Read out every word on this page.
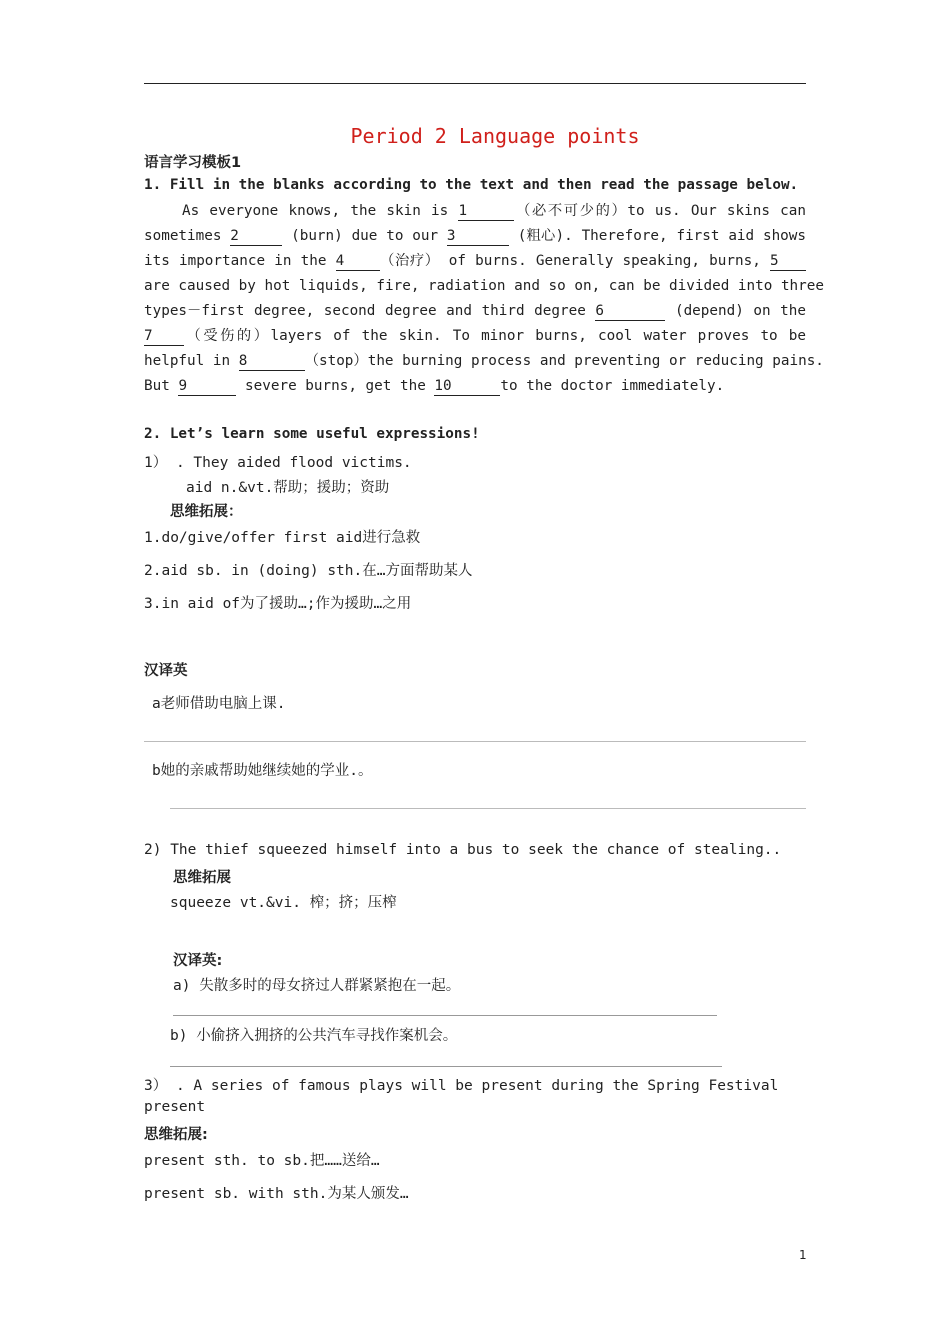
Period 2 Language points
语言学习模板1
1. Fill in the blanks according to the text and then read the passage below.
As everyone knows, the skin is 1	（必不可少的）to us. Our skins can
sometimes 2	(burn) due to our 3	(粗心). Therefore, first aid shows
its importance in the 4 （治疗） of burns. Generally speaking, burns, 5
are caused by hot liquids, fire, radiation and so on, can be divided into three
types－first degree, second degree and third degree 6	(depend) on the
7 （受伤的）layers of the skin. To minor burns, cool water proves to be
helpful in 8	（stop）the burning process and preventing or reducing pains.
But 9	severe burns, get the 10	to the doctor immediately.
2. Let’s learn some useful expressions!
1） . They aided flood victims.
aid n.&vt.帮助；援助；资助
思维拓展：
1.do/give/offer first aid进行急救
2.aid sb. in (doing) sth.在…方面帮助某人
3.in aid of为了援助…;作为援助…之用
汉译英
a老师借助电脑上课.
b她的亲戚帮助她继续她的学业.。
2) The thief squeezed himself into a bus to seek the chance of stealing..
思维拓展
squeeze vt.&vi. 榨；挤；压榨
汉译英:
a) 失散多时的母女挤过人群紧紧抱在一起。
b) 小偷挤入拥挤的公共汽车寻找作案机会。
3） . A series of famous plays will be present during the Spring Festival
present
思维拓展:
present sth. to sb.把……送给…
present sb. with sth.为某人颁发…
1
